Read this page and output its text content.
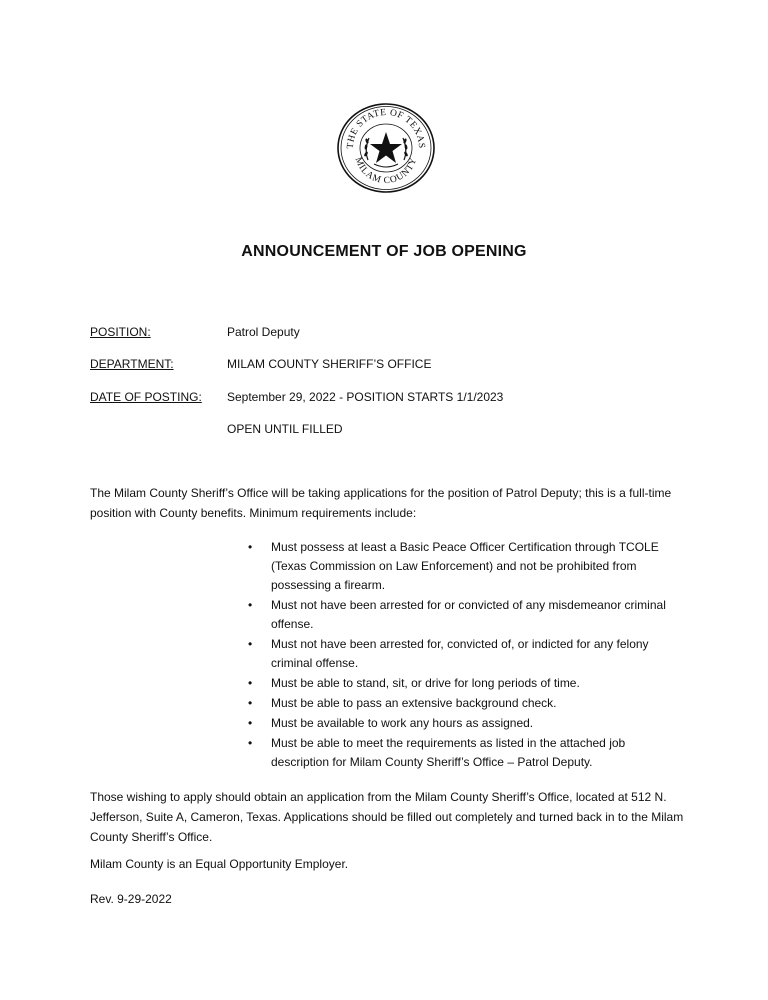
THE STATE OF TEXAS
MILAM COUNTY
ANNOUNCEMENT OF JOB OPENING
POSITION:	Patrol Deputy
DEPARTMENT:	MILAM COUNTY SHERIFF’S OFFICE
DATE OF POSTING: September 29, 2022 - POSITION STARTS 1/1/2023
OPEN UNTIL FILLED
The Milam County Sheriff’s Office will be taking applications for the position of Patrol Deputy; this is a full-time position with County benefits. Minimum requirements include:
• Must possess at least a Basic Peace Officer Certification through TCOLE (Texas Commission on Law Enforcement) and not be prohibited from possessing a firearm.
• Must not have been arrested for or convicted of any misdemeanor criminal offense.
• Must not have been arrested for, convicted of, or indicted for any felony criminal offense.
• Must be able to stand, sit, or drive for long periods of time.
• Must be able to pass an extensive background check.
• Must be available to work any hours as assigned.
• Must be able to meet the requirements as listed in the attached job description for Milam County Sheriff’s Office – Patrol Deputy.
Those wishing to apply should obtain an application from the Milam County Sheriff’s Office, located at 512 N. Jefferson, Suite A, Cameron, Texas. Applications should be filled out completely and turned back in to the Milam County Sheriff’s Office.
Milam County is an Equal Opportunity Employer.
Rev. 9-29-2022
